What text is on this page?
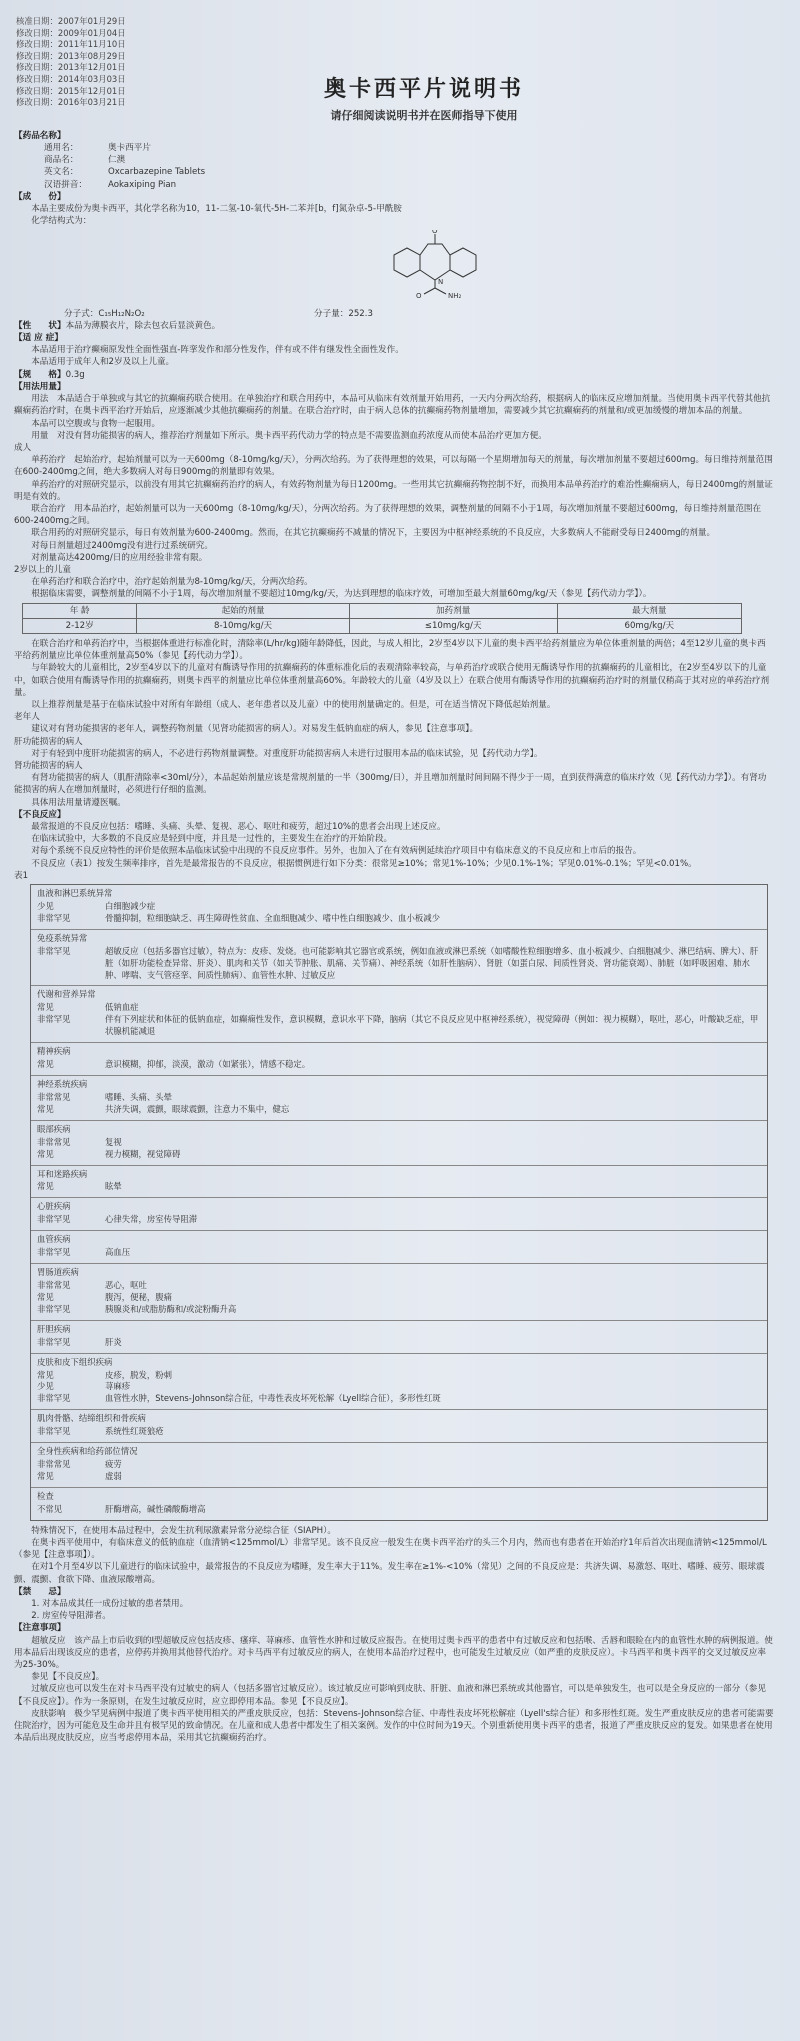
核准日期：2007年01月29日
修改日期：2009年01月04日
修改日期：2011年11月10日
修改日期：2013年08月29日
修改日期：2013年12月01日
修改日期：2014年03月03日
修改日期：2015年12月01日
修改日期：2016年03月21日
奥卡西平片说明书
请仔细阅读说明书并在医师指导下使用
【药品名称】
通用名：	奥卡西平片
商品名：	仁澳
英文名：	Oxcarbazepine Tablets
汉语拼音：	Aokaxiping Pian
【成　　份】

本品主要成份为奥卡西平，其化学名称为10，11-二氢-10-氧代-5H-二苯并[b，f]氮杂卓-5-甲酰胺

化学结构式为：

O
N
NH₂
O
分子式：C₁₅H₁₂N₂O₂	分子量：252.3
【性　　状】本品为薄膜衣片，除去包衣后显淡黄色。
【适 应 症】

本品适用于治疗癫痫原发性全面性强直-阵挛发作和部分性发作，伴有或不伴有继发性全面性发作。

本品适用于成年人和2岁及以上儿童。

【规　　格】0.3g
【用法用量】

用法　本品适合于单独或与其它的抗癫痫药联合使用。在单独治疗和联合用药中，本品可从临床有效剂量开始用药，一天内分两次给药，根据病人的临床反应增加剂量。当使用奥卡西平代替其他抗癫痫药治疗时，在奥卡西平治疗开始后，应逐渐减少其他抗癫痫药的剂量。在联合治疗时，由于病人总体的抗癫痫药物剂量增加，需要减少其它抗癫痫药的剂量和/或更加缓慢的增加本品的剂量。

本品可以空腹或与食物一起服用。

用量　对没有肾功能损害的病人，推荐治疗剂量如下所示。奥卡西平药代动力学的特点是不需要监测血药浓度从而使本品治疗更加方便。

成人

单药治疗　起始治疗，起始剂量可以为一天600mg（8-10mg/kg/天），分两次给药。为了获得理想的效果，可以每隔一个星期增加每天的剂量，每次增加剂量不要超过600mg。每日维持剂量范围在600-2400mg之间，绝大多数病人对每日900mg的剂量即有效果。

单药治疗的对照研究显示，以前没有用其它抗癫痫药治疗的病人，有效药物剂量为每日1200mg。一些用其它抗癫痫药物控制不好，而换用本品单药治疗的难治性癫痫病人，每日2400mg的剂量证明是有效的。

联合治疗　用本品治疗，起始剂量可以为一天600mg（8-10mg/kg/天），分两次给药。为了获得理想的效果，调整剂量的间隔不小于1周，每次增加剂量不要超过600mg，每日维持剂量范围在600-2400mg之间。

联合用药的对照研究显示，每日有效剂量为600-2400mg。然而，在其它抗癫痫药不减量的情况下，主要因为中枢神经系统的不良反应，大多数病人不能耐受每日2400mg的剂量。

对每日剂量超过2400mg没有进行过系统研究。

对剂量高达4200mg/日的应用经验非常有限。

2岁以上的儿童

在单药治疗和联合治疗中，治疗起始剂量为8-10mg/kg/天，分两次给药。

根据临床需要，调整剂量的间隔不小于1周，每次增加剂量不要超过10mg/kg/天，为达到理想的临床疗效，可增加至最大剂量60mg/kg/天（参见【药代动力学】）。

年 龄	起始的剂量	加药剂量	最大剂量
2-12岁	8-10mg/kg/天	≤10mg/kg/天	60mg/kg/天

在联合治疗和单药治疗中，当根据体重进行标准化时，清除率(L/hr/kg)随年龄降低，因此，与成人相比，2岁至4岁以下儿童的奥卡西平给药剂量应为单位体重剂量的两倍；4至12岁儿童的奥卡西平给药剂量应比单位体重剂量高50%（参见【药代动力学】）。

与年龄较大的儿童相比，2岁至4岁以下的儿童对有酶诱导作用的抗癫痫药的体重标准化后的表观清除率较高，与单药治疗或联合使用无酶诱导作用的抗癫痫药的儿童相比，在2岁至4岁以下的儿童中，如联合使用有酶诱导作用的抗癫痫药，则奥卡西平的剂量应比单位体重剂量高60%。年龄较大的儿童（4岁及以上）在联合使用有酶诱导作用的抗癫痫药治疗时的剂量仅稍高于其对应的单药治疗剂量。

以上推荐剂量是基于在临床试验中对所有年龄组（成人、老年患者以及儿童）中的使用剂量确定的。但是，可在适当情况下降低起始剂量。

老年人

建议对有肾功能损害的老年人，调整药物剂量（见肾功能损害的病人）。对易发生低钠血症的病人，参见【注意事项】。

肝功能损害的病人

对于有轻到中度肝功能损害的病人，不必进行药物剂量调整。对重度肝功能损害病人未进行过服用本品的临床试验，见【药代动力学】。

肾功能损害的病人

有肾功能损害的病人（肌酐清除率<30ml/分），本品起始剂量应该是常规剂量的一半（300mg/日），并且增加剂量时间间隔不得少于一周，直到获得满意的临床疗效（见【药代动力学】）。有肾功能损害的病人在增加剂量时，必须进行仔细的监测。

具体用法用量请遵医嘱。

【不良反应】

最常报道的不良反应包括：嗜睡、头痛、头晕、复视、恶心、呕吐和疲劳，超过10%的患者会出现上述反应。

在临床试验中，大多数的不良反应是轻到中度，并且是一过性的，主要发生在治疗的开始阶段。

对每个系统不良反应特性的评价是依照本品临床试验中出现的不良反应事件。另外，也加入了在有效病例延续治疗项目中有临床意义的不良反应和上市后的报告。

不良反应（表1）按发生频率排序，首先是最常报告的不良反应，根据惯例进行如下分类：很常见≥10%；常见1%-10%；少见0.1%-1%；罕见0.01%-0.1%；罕见<0.01%。

表1

血液和淋巴系统异常
少见	白细胞减少症
非常罕见	骨髓抑制，粒细胞缺乏、再生障碍性贫血、全血细胞减少、嗜中性白细胞减少、血小板减少
免疫系统异常
非常罕见	超敏反应（包括多器官过敏），特点为：皮疹、发烧。也可能影响其它器官或系统，例如血液或淋巴系统（如嗜酸性粒细胞增多、血小板减少、白细胞减少、淋巴结病、脾大）、肝脏（如肝功能检查异常、肝炎）、肌肉和关节（如关节肿胀、肌痛、关节痛）、神经系统（如肝性脑病）、肾脏（如蛋白尿、间质性肾炎、肾功能衰竭）、肺脏（如呼吸困难、肺水肿、哮喘、支气管痉挛、间质性肺病）、血管性水肿、过敏反应
代谢和营养异常
常见	低钠血症
非常罕见	伴有下列症状和体征的低钠血症，如癫痫性发作，意识模糊，意识水平下降，脑病（其它不良反应见中枢神经系统），视觉障碍（例如：视力模糊），呕吐，恶心，叶酸缺乏症，甲状腺机能减退
精神疾病
常见	意识模糊，抑郁，淡漠，激动（如紧张），情感不稳定。
神经系统疾病
非常常见	嗜睡、头痛、头晕
常见	共济失调，震颤，眼球震颤，注意力不集中，健忘
眼部疾病
非常常见	复视
常见	视力模糊，视觉障碍
耳和迷路疾病
常见	眩晕
心脏疾病
非常罕见	心律失常，房室传导阻滞
血管疾病
非常罕见	高血压
胃肠道疾病
非常常见	恶心，呕吐
常见	腹泻，便秘，腹痛
非常罕见	胰腺炎和/或脂肪酶和/或淀粉酶升高
肝胆疾病
非常罕见	肝炎
皮肤和皮下组织疾病
常见	皮疹，脱发，粉刺
少见	荨麻疹
非常罕见	血管性水肿，Stevens-Johnson综合征，中毒性表皮坏死松解（Lyell综合征），多形性红斑
肌肉骨骼、结缔组织和骨疾病
非常罕见	系统性红斑狼疮
全身性疾病和给药部位情况
非常常见	疲劳
常见	虚弱
检查
不常见	肝酶增高，碱性磷酸酶增高

特殊情况下，在使用本品过程中，会发生抗利尿激素异常分泌综合征（SIAPH）。

在奥卡西平使用中，有临床意义的低钠血症（血清钠<125mmol/L）非常罕见。该不良反应一般发生在奥卡西平治疗的头三个月内，然而也有患者在开始治疗1年后首次出现血清钠<125mmol/L（参见【注意事项】）。

在对1个月至4岁以下儿童进行的临床试验中，最常报告的不良反应为嗜睡，发生率大于11%。发生率在≥1%-<10%（常见）之间的不良反应是：共济失调、易激怒、呕吐、嗜睡、疲劳、眼球震颤、震颤、食欲下降、血液尿酸增高。

【禁　　忌】

1. 对本品成其任一成份过敏的患者禁用。

2. 房室传导阻滞者。

【注意事项】

超敏反应　该产品上市后收到的Ⅰ型超敏反应包括皮疹、瘙痒、荨麻疹、血管性水肿和过敏反应报告。在使用过奥卡西平的患者中有过敏反应和包括喉、舌唇和眼睑在内的血管性水肿的病例报道。使用本品后出现该反应的患者，应停药并换用其他替代治疗。对卡马西平有过敏反应的病人，在使用本品治疗过程中，也可能发生过敏反应（如严重的皮肤反应）。卡马西平和奥卡西平的交叉过敏反应率为25-30%。

参见【不良反应】。

过敏反应也可以发生在对卡马西平没有过敏史的病人（包括多器官过敏反应）。该过敏反应可影响到皮肤、肝脏、血液和淋巴系统或其他器官，可以是单独发生，也可以是全身反应的一部分（参见【不良反应】）。作为一条原则，在发生过敏反应时，应立即停用本品。参见【不良反应】。

皮肤影响　极少罕见病例中报道了奥卡西平使用相关的严重皮肤反应，包括：Stevens-Johnson综合征、中毒性表皮坏死松解症（Lyell's综合征）和多形性红斑。发生严重皮肤反应的患者可能需要住院治疗，因为可能危及生命并且有极罕见的致命情况。在儿童和成人患者中都发生了相关案例。发作的中位时间为19天。个别重新使用奥卡西平的患者，报道了严重皮肤反应的复发。如果患者在使用本品后出现皮肤反应，应当考虑停用本品，采用其它抗癫痫药治疗。
